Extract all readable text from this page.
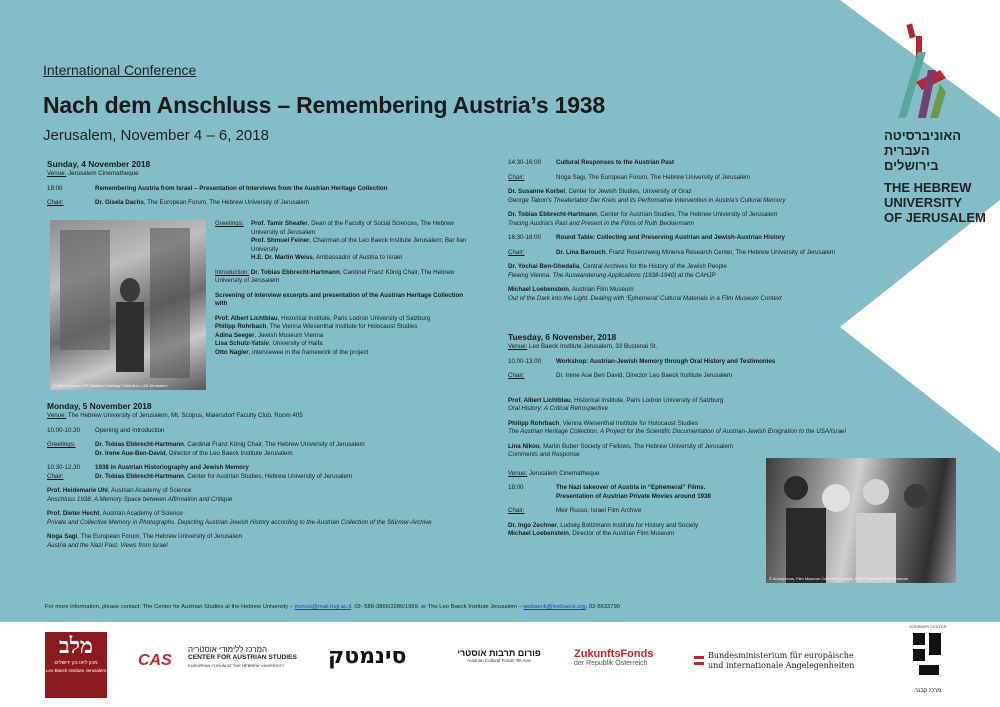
International Conference
Nach dem Anschluss – Remembering Austria’s 1938
Jerusalem, November 4 – 6, 2018	האוניברסיטה
העברית
בירושלים
THE HEBREW
UNIVERSITY
OF JERUSALEM
Sunday, 4 November 2018

Venue: Jerusalem Cinematheque

18:00	Remembering Austria from Israel – Presentation of Interviews from the Austrian Heritage Collection
Chair:	Dr. Gisela Dachs, The European Forum, The Hebrew University of Jerusalem
© Alice Amberor Flit, Austrian Heritage Collection, LBI Jerusalem
Greetings: Prof. Tamir Sheafer, Dean of the Faculty of Social Sciences, The Hebrew University of Jerusalem

Prof. Shmuel Feiner, Chairman of the Leo Baeck Institute Jerusalem; Bar Ilan University

H.E. Dr. Martin Weiss, Ambassador of Austria to Israel

Introduction: Dr. Tobias Ebbrecht-Hartmann, Cardinal Franz König Chair, The Hebrew University of Jerusalem

Screening of interview excerpts and presentation of the Austrian Heritage Collection with

Prof. Albert Lichtblau, Historical Institute, Paris Lodron University of Salzburg

Philipp Rohrbach, The Vienna Wiesenthal Institute for Holocaust Studies

Adina Seeger, Jewish Museum Vienna

Lisa Schulz-Yatsiv, University of Haifa

Otto Nagler, interviewee in the framework of the project

Monday, 5 November 2018

Venue: The Hebrew University of Jerusalem, Mt. Scopus, Maiersdorf Faculty Club, Room 405

10.00-10.30 Opening and Introduction
Greetings:	Dr. Tobias Ebbrecht-Hartmann, Cardinal Franz König Chair, The Hebrew University of Jerusalem

Dr. Irene Aue-Ben-David, Director of the Leo Baeck Institute Jerusalem

10.30-12.30 1938 in Austrian Historiography and Jewish Memory
Chair:	Dr. Tobias Ebbrecht-Hartmann, Center for Austrian Studies, Hebrew University of Jerusalem

Prof. Heidemarie Uhl, Austrian Academy of Science

Anschluss 1938. A Memory Space between Affirmation and Critique

Prof. Dieter Hecht, Austrian Academy of Science

Private and Collective Memory in Photographs. Depicting Austrian Jewish History according to the Austrian Collection of the Stürmer-Archive

Noga Sagi, The European Forum, The Hebrew University of Jerusalem

Austria and the Nazi Past. Views from Israel

14:30-16:00 Cultural Responses to the Austrian Past
Chair:	Noga Sagi, The European Forum, The Hebrew University of Jerusalem

Dr. Susanne Korbel, Center for Jewish Studies, University of Graz

George Tabori’s Theaterlabor Der Kreis and its Performative Intervention in Austria’s Cultural Memory

Dr. Tobias Ebbrecht-Hartmann, Center for Austrian Studies, The Hebrew University of Jerusalem

Tracing Austria’s Past and Present in the Films of Ruth Beckermann

16:30-18:00 Round Table: Collecting and Preserving Austrian and Jewish-Austrian History
Chair:	Dr. Lina Barouch, Franz Rosenzweig Minerva Research Center, The Hebrew University of Jerusalem

Dr. Yochai Ben-Ghedalia, Central Archives for the History of the Jewish People

Fleeing Vienna. The Auswanderung Applications (1938-1940) at the CAHJP

Michael Loebenstein, Austrian Film Museum

Out of the Dark into the Light. Dealing with ‘Ephemeral’ Cultural Materials in a Film Museum Context

Tuesday, 6 November, 2018

Venue: Leo Baeck Institute Jerusalem, 33 Bustenai St.

10.00-13.00 Workshop: Austrian-Jewish Memory through Oral History and Testimonies
Chair:	Dr. Irene Aue Ben David, Director Leo Baeck Institute Jerusalem

Prof. Albert Lichtblau, Historical Institute, Paris Lodron University of Salzburg

Oral History: A Critical Retrospective

Philipp Rohrbach, Vienna Wiesenthal Institute for Holocaust Studies

The Austrian Heritage Collection. A Project for the Scientific Documentation of Austrian-Jewish Emigration to the USA/Israel

Lina Nikou, Martin Buber Society of Fellows, The Hebrew University of Jerusalem

Comments and Response

Venue: Jerusalem Cinematheque

18:00	The Nazi takeover of Austria in “Ephemeral” Films.

Presentation of Austrian Private Movies around 1938

Chair:	Meir Russo, Israel Film Archive

Dr. Ingo Zechner, Ludwig Boltzmann Institute for History and Society

Michael Loebenstein, Director of the Austrian Film Museum

© Anonymous, Film Museum Collection Vienna, 1938 © Austrian Film Museum
For more information, please contact: The Center for Austrian Studies at the Hebrew University – msruio@mail.huji.ac.il, 02- 588-3866/3286/1969, or The Leo Baeck Institute Jerusalem – leobaeck@leobaeck.org, 02-5633790
מלב
מכון ליאו בק ירושלים
Leo Baeck Institute Jerusalem
CAS
המרכז ללימודי אוסטריה
CENTER FOR AUSTRIAN STUDIES
EUROPEAN FORUM AT THE HEBREW UNIVERSITY	סינמטק	פורום תרבות אוסטרי
Austrian Cultural Forum Tel Aviv
ZukunftsFonds
der Republik Österreich
Bundesministerium für europäische
und internationale Angelegenheiten
KOEBNER CENTER
מרכז קבנר
